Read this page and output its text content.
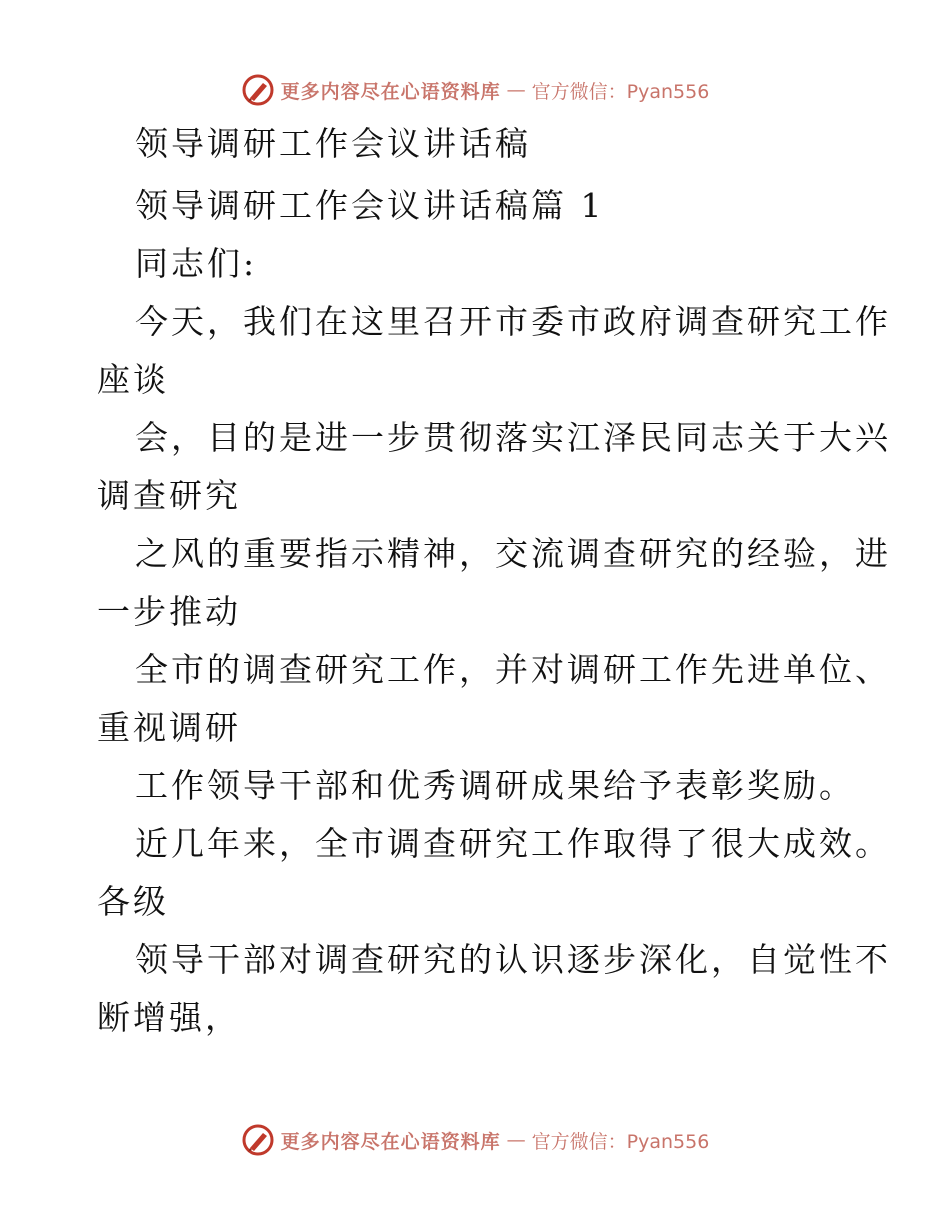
更多内容尽在心语资料库 — 官方微信：Pyan556
领导调研工作会议讲话稿
领导调研工作会议讲话稿篇 1
同志们:
今天，我们在这里召开市委市政府调查研究工作
座谈
会，目的是进一步贯彻落实江泽民同志关于大兴
调查研究
之风的重要指示精神，交流调查研究的经验，进
一步推动
全市的调查研究工作，并对调研工作先进单位、
重视调研
工作领导干部和优秀调研成果给予表彰奖励。
近几年来，全市调查研究工作取得了很大成效。
各级
领导干部对调查研究的认识逐步深化，自觉性不
断增强，
更多内容尽在心语资料库 — 官方微信：Pyan556
